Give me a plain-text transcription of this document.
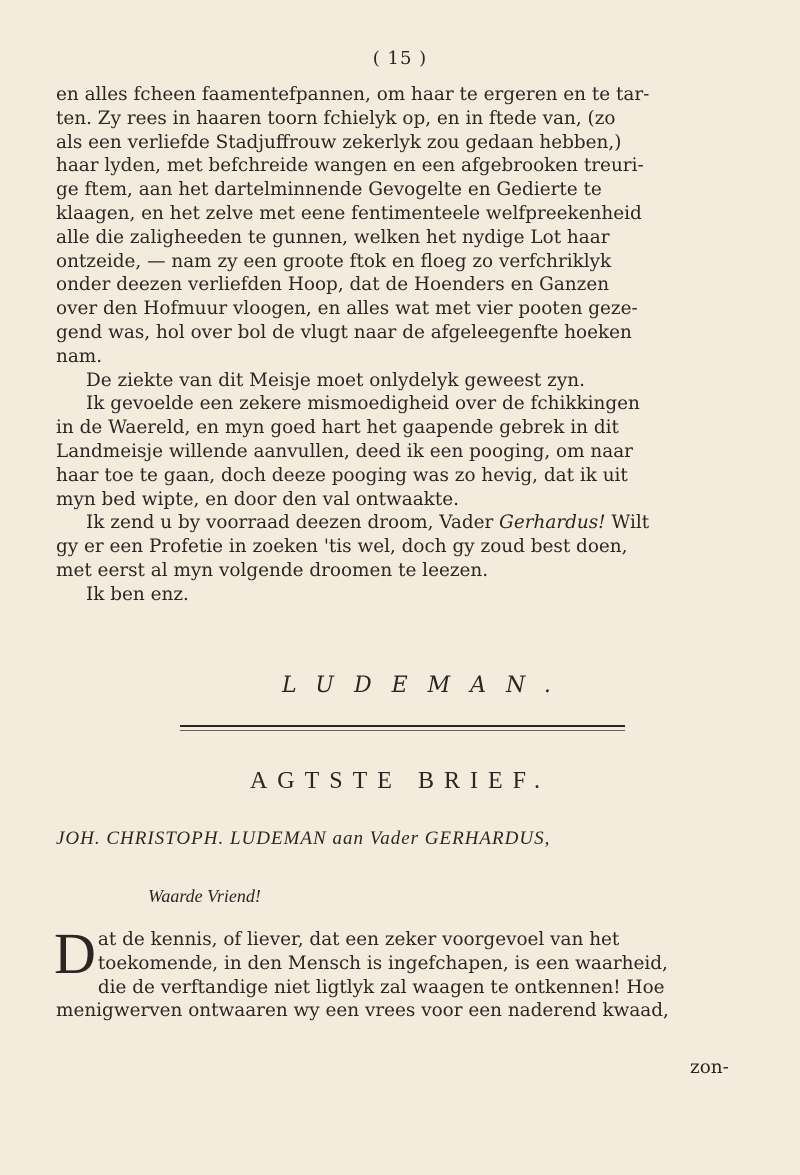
( 15 )
en alles fcheen faamentefpannen, om haar te ergeren en te tar-
ten. Zy rees in haaren toorn fchielyk op, en in ftede van, (zo
als een verliefde Stadjuffrouw zekerlyk zou gedaan hebben,)
haar lyden, met befchreide wangen en een afgebrooken treuri-
ge ftem, aan het dartelminnende Gevogelte en Gedierte te
klaagen, en het zelve met eene fentimenteele welfpreekenheid
alle die zaligheeden te gunnen, welken het nydige Lot haar
ontzeide, — nam zy een groote ftok en floeg zo verfchriklyk
onder deezen verliefden Hoop, dat de Hoenders en Ganzen
over den Hofmuur vloogen, en alles wat met vier pooten geze-
gend was, hol over bol de vlugt naar de afgeleegenfte hoeken
nam.
De ziekte van dit Meisje moet onlydelyk geweest zyn.
Ik gevoelde een zekere mismoedigheid over de fchikkingen
in de Waereld, en myn goed hart het gaapende gebrek in dit
Landmeisje willende aanvullen, deed ik een pooging, om naar
haar toe te gaan, doch deeze pooging was zo hevig, dat ik uit
myn bed wipte, en door den val ontwaakte.
Ik zend u by voorraad deezen droom, Vader Gerhardus! Wilt
gy er een Profetie in zoeken 'tis wel, doch gy zoud best doen,
met eerst al myn volgende droomen te leezen.
Ik ben enz.
LUDEMAN.
AGTSTE BRIEF.
JOH. CHRISTOPH. LUDEMAN aan Vader GERHARDUS,
Waarde Vriend!
D at de kennis, of liever, dat een zeker voorgevoel van het
toekomende, in den Mensch is ingefchapen, is een waarheid,
die de verftandige niet ligtlyk zal waagen te ontkennen! Hoe
menigwerven ontwaaren wy een vrees voor een naderend kwaad,
zon-
